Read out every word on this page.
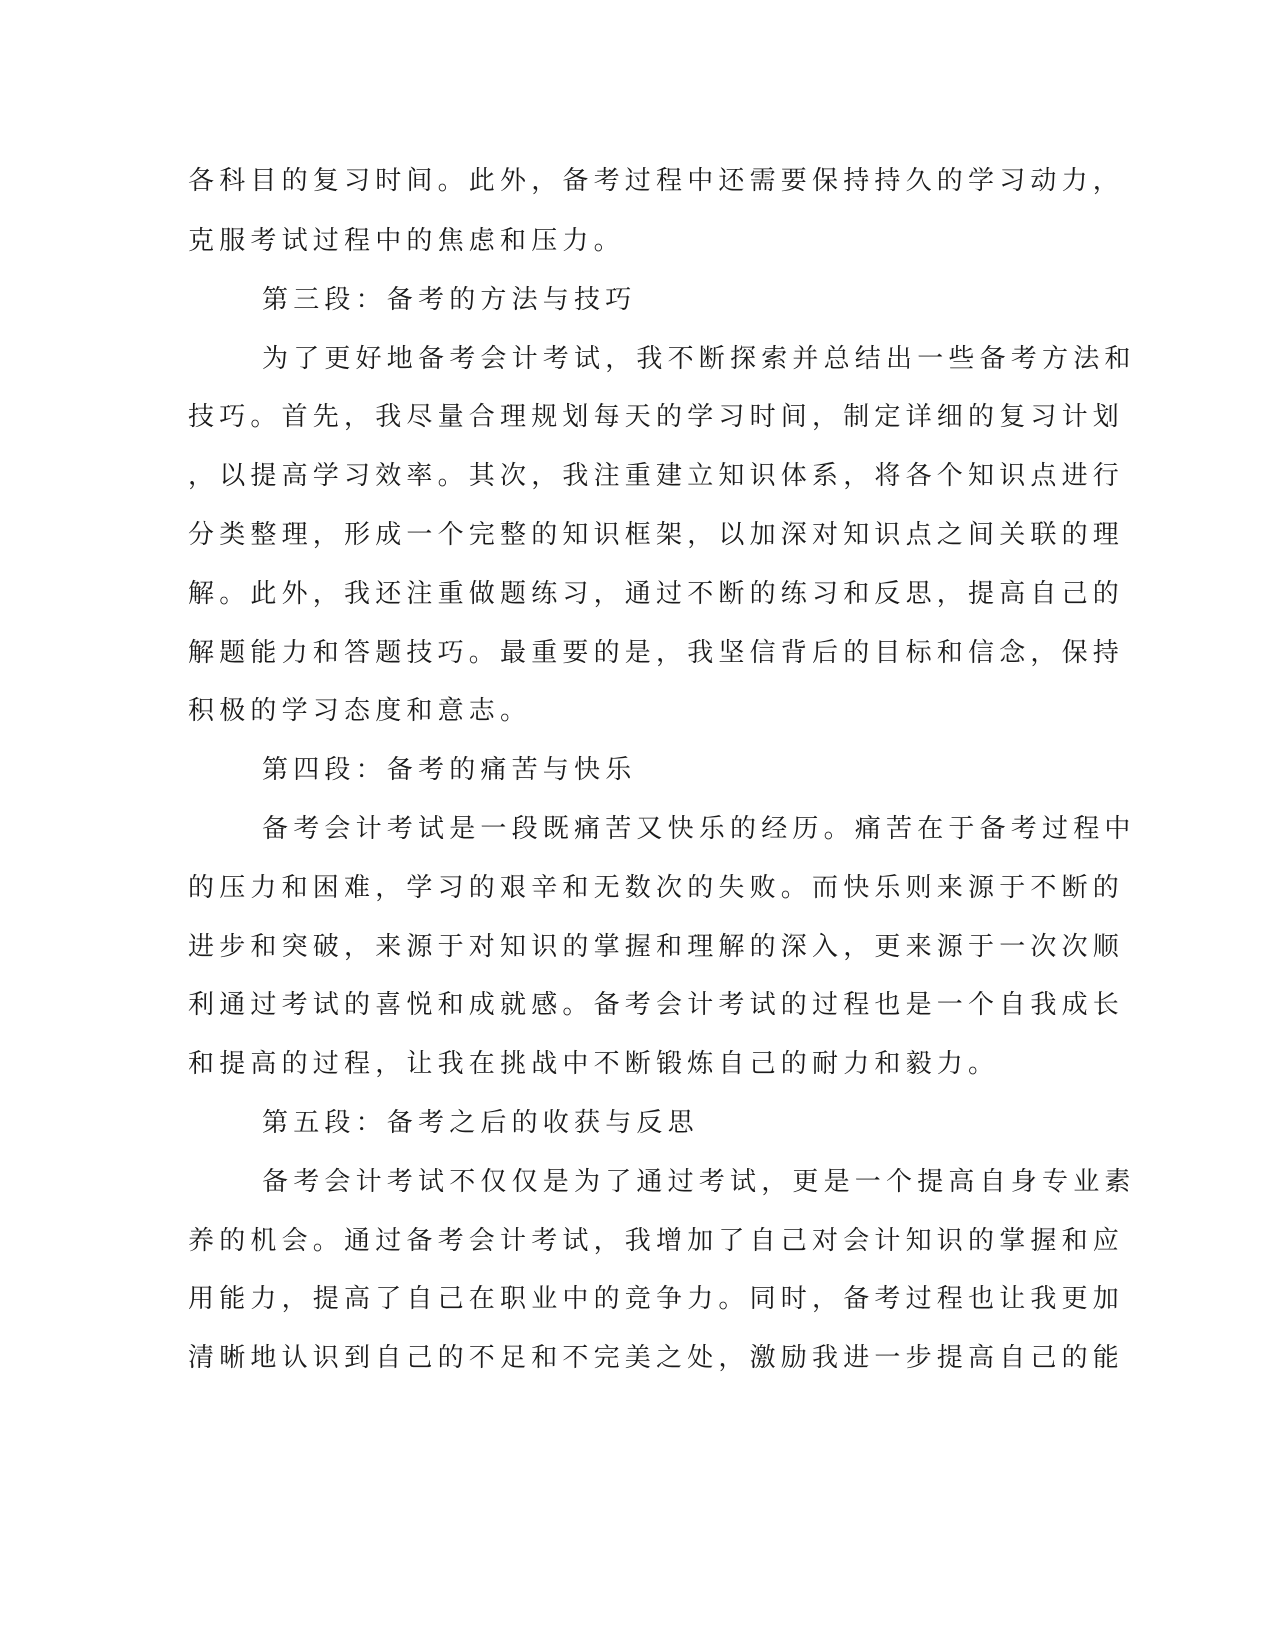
各科目的复习时间。此外，备考过程中还需要保持持久的学习动力，
克服考试过程中的焦虑和压力。
第三段：备考的方法与技巧
为了更好地备考会计考试，我不断探索并总结出一些备考方法和
技巧。首先，我尽量合理规划每天的学习时间，制定详细的复习计划
，以提高学习效率。其次，我注重建立知识体系，将各个知识点进行
分类整理，形成一个完整的知识框架，以加深对知识点之间关联的理
解。此外，我还注重做题练习，通过不断的练习和反思，提高自己的
解题能力和答题技巧。最重要的是，我坚信背后的目标和信念，保持
积极的学习态度和意志。
第四段：备考的痛苦与快乐
备考会计考试是一段既痛苦又快乐的经历。痛苦在于备考过程中
的压力和困难，学习的艰辛和无数次的失败。而快乐则来源于不断的
进步和突破，来源于对知识的掌握和理解的深入，更来源于一次次顺
利通过考试的喜悦和成就感。备考会计考试的过程也是一个自我成长
和提高的过程，让我在挑战中不断锻炼自己的耐力和毅力。
第五段：备考之后的收获与反思
备考会计考试不仅仅是为了通过考试，更是一个提高自身专业素
养的机会。通过备考会计考试，我增加了自己对会计知识的掌握和应
用能力，提高了自己在职业中的竞争力。同时，备考过程也让我更加
清晰地认识到自己的不足和不完美之处，激励我进一步提高自己的能
